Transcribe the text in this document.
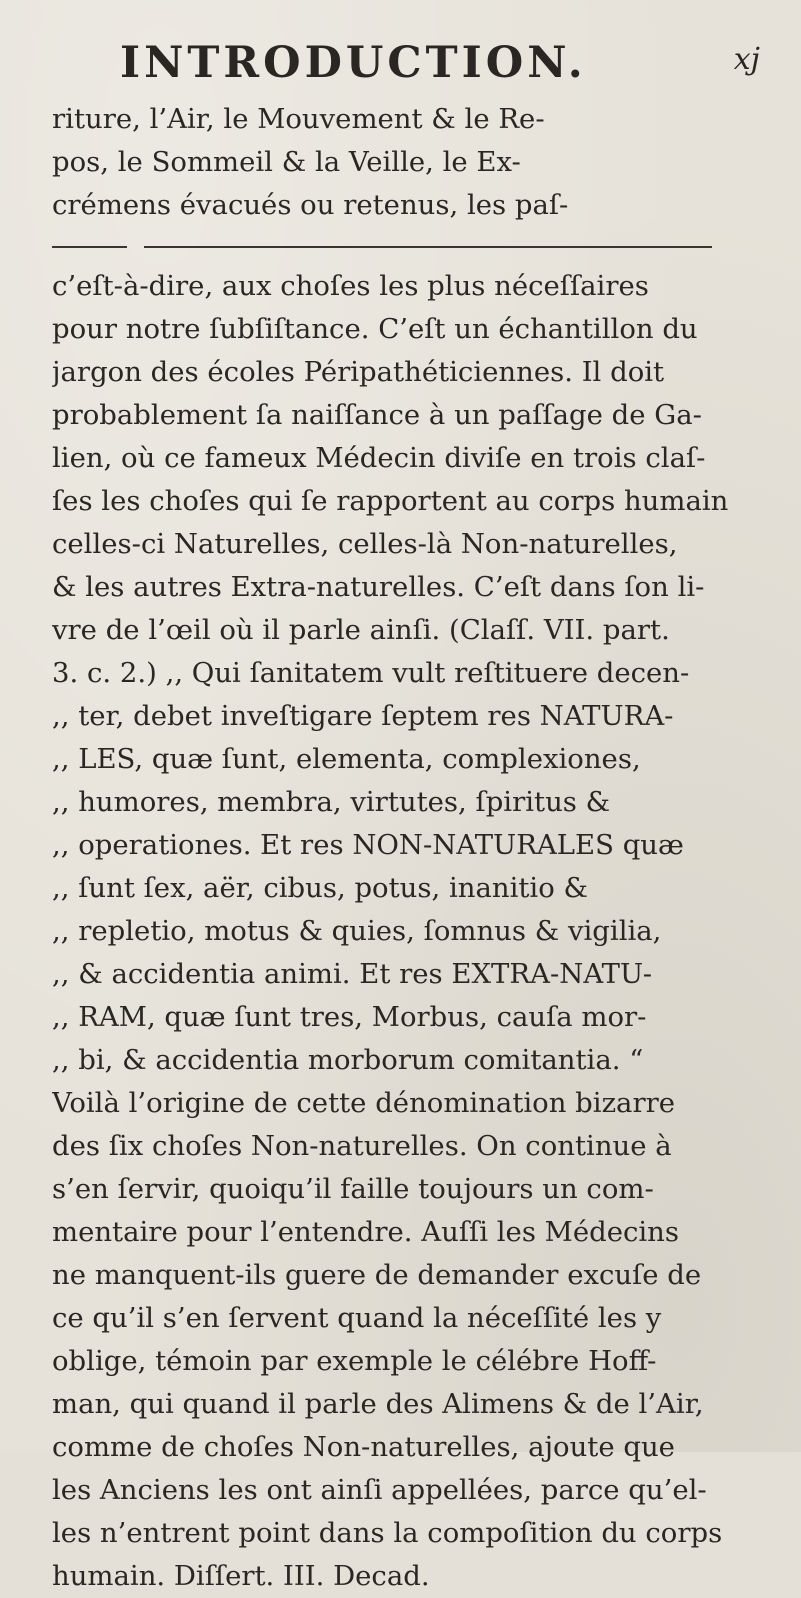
INTRODUCTION.	xj
riture, l’Air, le Mouvement & le Re-
pos, le Sommeil & la Veille, le Ex-
crémens évacués ou retenus, les paſ-
c’eſt-à-dire, aux choſes les plus néceſſaires
pour notre ſubſiſtance. C’eſt un échantillon du
jargon des écoles Péripathéticiennes. Il doit
probablement ſa naiſſance à un paſſage de Ga-
lien, où ce fameux Médecin diviſe en trois claſ-
ſes les choſes qui ſe rapportent au corps humain
celles-ci Naturelles, celles-là Non-naturelles,
& les autres Extra-naturelles. C’eſt dans ſon li-
vre de l’œil où il parle ainſi. (Claſſ. VII. part.
3. c. 2.) ,, Qui ſanitatem vult reſtituere decen-
,, ter, debet inveſtigare ſeptem res NATURA-
,, LES, quæ ſunt, elementa, complexiones,
,, humores, membra, virtutes, ſpiritus &
,, operationes. Et res NON-NATURALES quæ
,, ſunt ſex, aër, cibus, potus, inanitio &
,, repletio, motus & quies, ſomnus & vigilia,
,, & accidentia animi. Et res EXTRA-NATU-
,, RAM, quæ ſunt tres, Morbus, cauſa mor-
,, bi, & accidentia morborum comitantia. “
Voilà l’origine de cette dénomination bizarre
des ſix choſes Non-naturelles. On continue à
s’en ſervir, quoiqu’il faille toujours un com-
mentaire pour l’entendre. Auſſi les Médecins
ne manquent-ils guere de demander excuſe de
ce qu’il s’en ſervent quand la néceſſité les y
oblige, témoin par exemple le célébre Hoff-
man, qui quand il parle des Alimens & de l’Air,
comme de choſes Non-naturelles, ajoute que
les Anciens les ont ainſi appellées, parce qu’el-
les n’entrent point dans la compoſition du corps
humain. Diſſert. III. Decad.
